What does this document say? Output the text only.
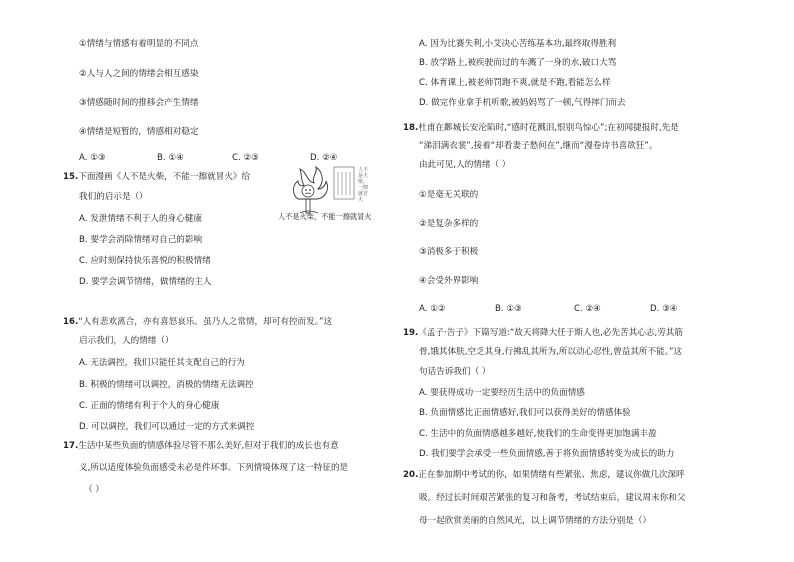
①情绪与情感有着明显的不同点
②人与人之间的情绪会相互感染
③情感随时间的推移会产生情绪
④情绪是短暂的，情感相对稳定
A. ①③	B. ①④	C. ②③	D. ②④
15.下面漫画《人不是火柴，不能一擦就冒火》给
我们的启示是（）
A. 发泄情绪不利于人的身心健康
B. 要学会消除情绪对自己的影响
C. 应时刻保持快乐喜悦的积极情绪
D. 要学会调节情绪，做情绪的主人
人不是火柴，不能一擦就冒火
人不是火柴，一擦就冒火
16.“人有悲欢离合，亦有喜怒哀乐。虽乃人之常情，却可有控而发。”这
启示我们，人的情绪（）
A. 无法调控，我们只能任其支配自己的行为
B. 积极的情绪可以调控，消极的情绪无法调控
C. 正面的情绪有利于个人的身心健康
D. 可以调控，我们可以通过一定的方式来调控
17.生活中某些负面的情感体验尽管不那么美好,但对于我们的成长也有意
义,所以适度体验负面感受未必是件坏事。下列情境体现了这一特征的是
（ ）
A. 因为比赛失利,小艾决心苦练基本功,最终取得胜利
B. 放学路上,被疾驶而过的车溅了一身的水,破口大骂
C. 体育课上,被老师罚跑不爽,就是不跑,看能怎么样
D. 做完作业拿手机听歌,被妈妈骂了一顿,气得摔门而去
18.杜甫在鄜城长安沦陷时,“感时花溅泪,恨别鸟惊心”;在初闻捷报时,先是
“涕泪满衣裳”,接着“却看妻子愁何在”,继而“漫卷诗书喜欲狂”。
由此可见,人的情绪（ ）
①是毫无关联的
②是复杂多样的
③消极多于积极
④会受外界影响
A. ①②	B. ①③	C. ②④	D. ③④
19.《孟子·告子》下篇写道:“故天将降大任于斯人也,必先苦其心志,劳其筋
骨,饿其体肤,空乏其身,行拂乱其所为,所以动心忍性,曾益其所不能。”这
句话告诉我们（ ）
A. 要获得成功一定要经历生活中的负面情感
B. 负面情感比正面情感好,我们可以获得美好的情感体验
C. 生活中的负面情感越多越好,使我们的生命变得更加饱满丰盈
D. 我们要学会承受一些负面情感,善于将负面情感转变为成长的助力
20.正在参加期中考试的你，如果情绪有些紧张、焦虑，建议你做几次深呼
吸。经过长时间艰苦紧张的复习和备考，考试结束后，建议周末你和父
母一起欣赏美丽的自然风光，以上调节情绪的方法分别是（）
